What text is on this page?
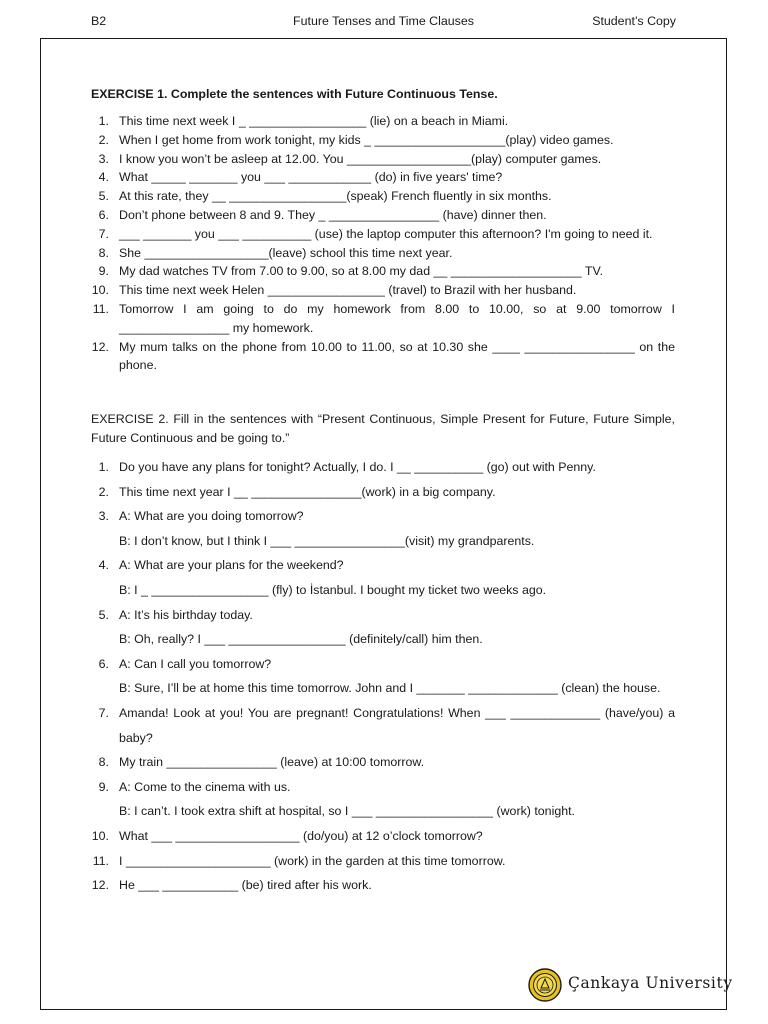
B2	Future Tenses and Time Clauses	Student’s Copy
EXERCISE 1. Complete the sentences with Future Continuous Tense.
1. This time next week I _ _________________ (lie) on a beach in Miami.
2. When I get home from work tonight, my kids _ ___________________(play) video games.
3. I know you won’t be asleep at 12.00. You __________________(play) computer games.
4. What _____ _______ you ___ ____________ (do) in five years' time?
5. At this rate, they __ _________________(speak) French fluently in six months.
6. Don’t phone between 8 and 9. They _ ________________ (have) dinner then.
7. ___ _______ you ___ __________ (use) the laptop computer this afternoon? I'm going to need it.
8. She __________________(leave) school this time next year.
9. My dad watches TV from 7.00 to 9.00, so at 8.00 my dad __ ___________________ TV.
10. This time next week Helen _________________ (travel) to Brazil with her husband.
11. Tomorrow I am going to do my homework from 8.00 to 10.00, so at 9.00 tomorrow I ________________ my homework.
12. My mum talks on the phone from 10.00 to 11.00, so at 10.30 she ____ ________________ on the phone.
EXERCISE 2. Fill in the sentences with “Present Continuous, Simple Present for Future, Future Simple, Future Continuous and be going to.”
1. Do you have any plans for tonight? Actually, I do. I __ __________ (go) out with Penny.
2. This time next year I __ ________________(work) in a big company.
3. A: What are you doing tomorrow?
B: I don’t know, but I think I ___ ________________(visit) my grandparents.
4. A: What are your plans for the weekend?
B: I _ _________________ (fly) to İstanbul. I bought my ticket two weeks ago.
5. A: It’s his birthday today.
B: Oh, really? I ___ _________________ (definitely/call) him then.
6. A: Can I call you tomorrow?
B: Sure, I’ll be at home this time tomorrow. John and I _______ _____________ (clean) the house.
7. Amanda! Look at you! You are pregnant! Congratulations! When ___ _____________ (have/you) a baby?
8. My train ________________ (leave) at 10:00 tomorrow.
9. A: Come to the cinema with us.
B: I can’t. I took extra shift at hospital, so I ___ _________________ (work) tonight.
10. What ___ __________________ (do/you) at 12 o’clock tomorrow?
11. I _____________________ (work) in the garden at this time tomorrow.
12. He ___ ___________ (be) tired after his work.
Çankaya University
